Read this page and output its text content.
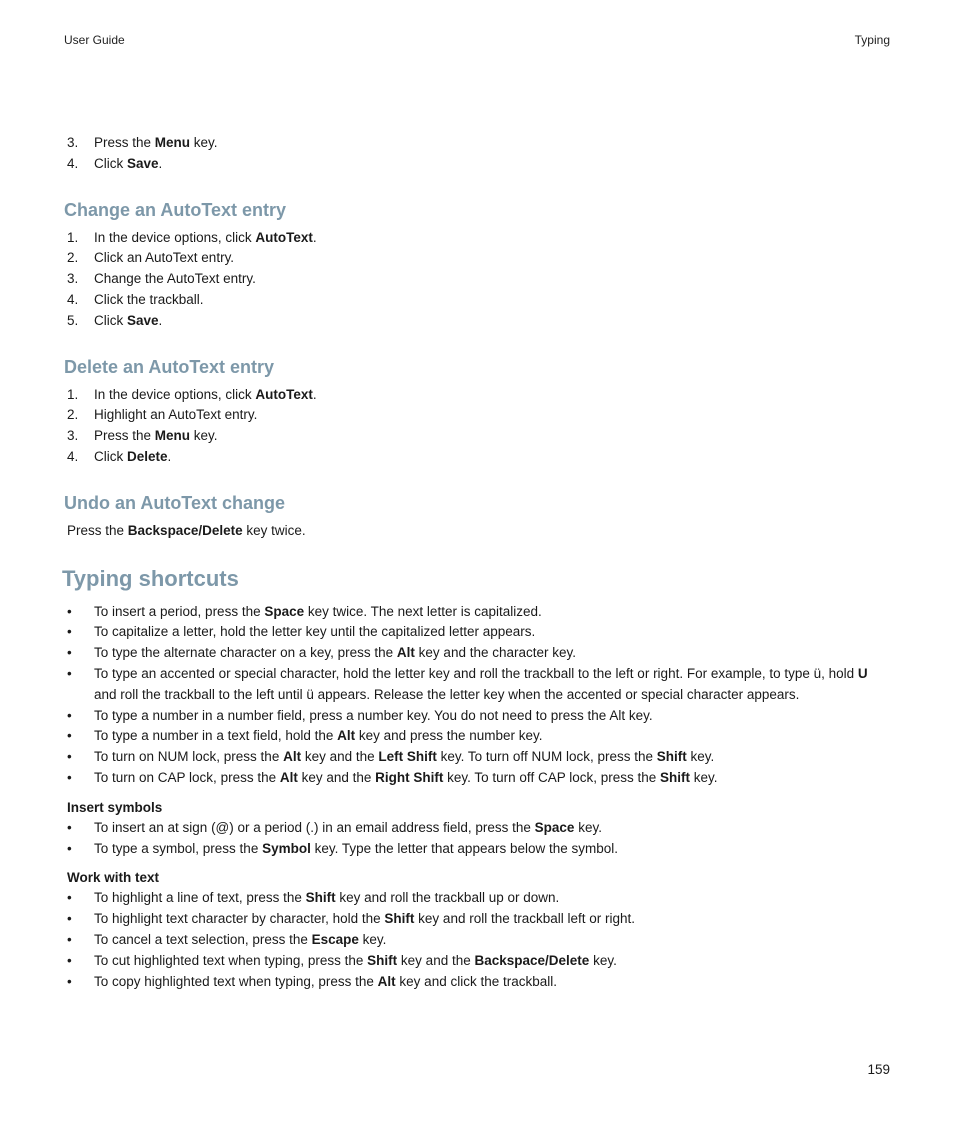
User Guide	Typing
3. Press the Menu key.
4. Click Save.
Change an AutoText entry
1. In the device options, click AutoText.
2. Click an AutoText entry.
3. Change the AutoText entry.
4. Click the trackball.
5. Click Save.
Delete an AutoText entry
1. In the device options, click AutoText.
2. Highlight an AutoText entry.
3. Press the Menu key.
4. Click Delete.
Undo an AutoText change

Press the Backspace/Delete key twice.

Typing shortcuts
• To insert a period, press the Space key twice. The next letter is capitalized.
• To capitalize a letter, hold the letter key until the capitalized letter appears.
• To type the alternate character on a key, press the Alt key and the character key.
• To type an accented or special character, hold the letter key and roll the trackball to the left or right. For example, to type ü, hold U and roll the trackball to the left until ü appears. Release the letter key when the accented or special character appears.
• To type a number in a number field, press a number key. You do not need to press the Alt key.
• To type a number in a text field, hold the Alt key and press the number key.
• To turn on NUM lock, press the Alt key and the Left Shift key. To turn off NUM lock, press the Shift key.
• To turn on CAP lock, press the Alt key and the Right Shift key. To turn off CAP lock, press the Shift key.
Insert symbols
• To insert an at sign (@) or a period (.) in an email address field, press the Space key.
• To type a symbol, press the Symbol key. Type the letter that appears below the symbol.
Work with text
• To highlight a line of text, press the Shift key and roll the trackball up or down.
• To highlight text character by character, hold the Shift key and roll the trackball left or right.
• To cancel a text selection, press the Escape key.
• To cut highlighted text when typing, press the Shift key and the Backspace/Delete key.
• To copy highlighted text when typing, press the Alt key and click the trackball.
159
